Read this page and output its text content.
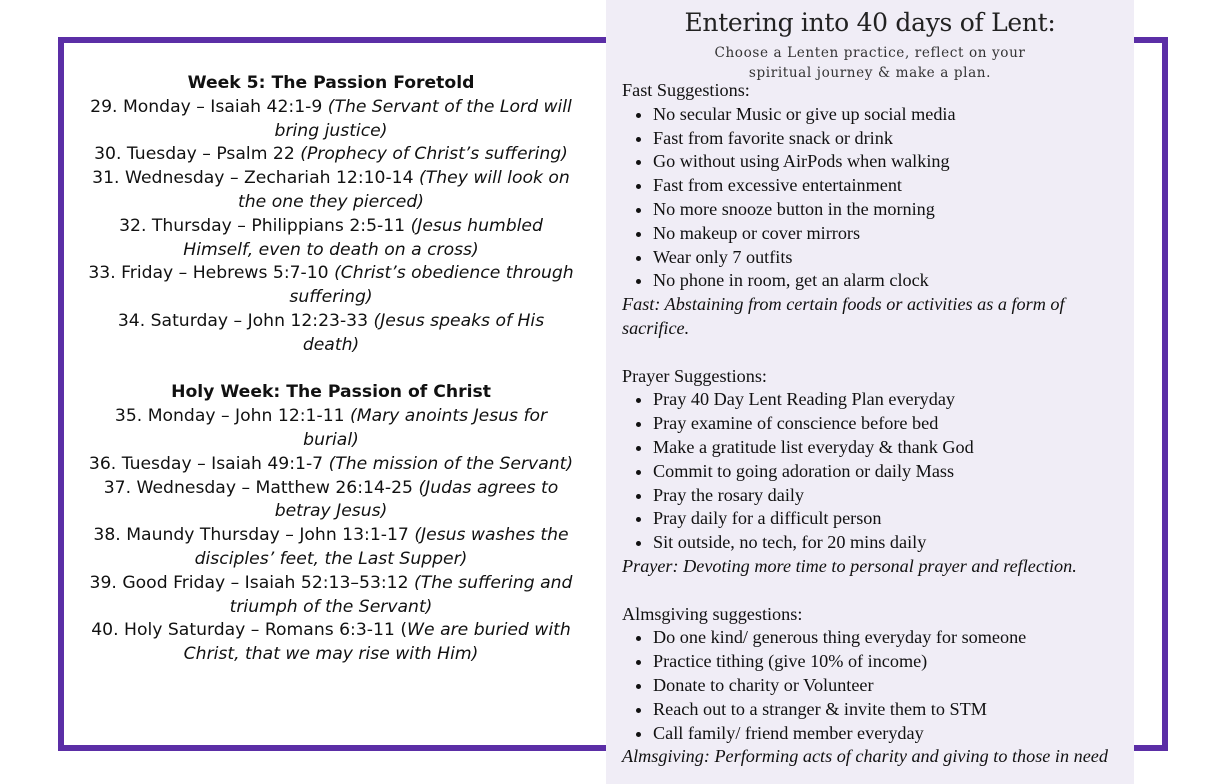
Week 5: The Passion Foretold
29. Monday – Isaiah 42:1-9 (The Servant of the Lord will
bring justice)
30. Tuesday – Psalm 22 (Prophecy of Christ’s suffering)
31. Wednesday – Zechariah 12:10-14 (They will look on
the one they pierced)
32. Thursday – Philippians 2:5-11 (Jesus humbled
Himself, even to death on a cross)
33. Friday – Hebrews 5:7-10 (Christ’s obedience through
suffering)
34. Saturday – John 12:23-33 (Jesus speaks of His
death)
Holy Week: The Passion of Christ
35. Monday – John 12:1-11 (Mary anoints Jesus for
burial)
36. Tuesday – Isaiah 49:1-7 (The mission of the Servant)
37. Wednesday – Matthew 26:14-25 (Judas agrees to
betray Jesus)
38. Maundy Thursday – John 13:1-17 (Jesus washes the
disciples’ feet, the Last Supper)
39. Good Friday – Isaiah 52:13–53:12 (The suffering and
triumph of the Servant)
40. Holy Saturday – Romans 6:3-11 (We are buried with
Christ, that we may rise with Him)
Entering into 40 days of Lent:
Choose a Lenten practice, reflect on your
spiritual journey & make a plan.
Fast Suggestions:
• No secular Music or give up social media
• Fast from favorite snack or drink
• Go without using AirPods when walking
• Fast from excessive entertainment
• No more snooze button in the morning
• No makeup or cover mirrors
• Wear only 7 outfits
• No phone in room, get an alarm clock
Fast: Abstaining from certain foods or activities as a form of
sacrifice.
Prayer Suggestions:
• Pray 40 Day Lent Reading Plan everyday
• Pray examine of conscience before bed
• Make a gratitude list everyday & thank God
• Commit to going adoration or daily Mass
• Pray the rosary daily
• Pray daily for a difficult person
• Sit outside, no tech, for 20 mins daily
Prayer: Devoting more time to personal prayer and reflection.
Almsgiving suggestions:
• Do one kind/ generous thing everyday for someone
• Practice tithing (give 10% of income)
• Donate to charity or Volunteer
• Reach out to a stranger & invite them to STM
• Call family/ friend member everyday
Almsgiving: Performing acts of charity and giving to those in need
